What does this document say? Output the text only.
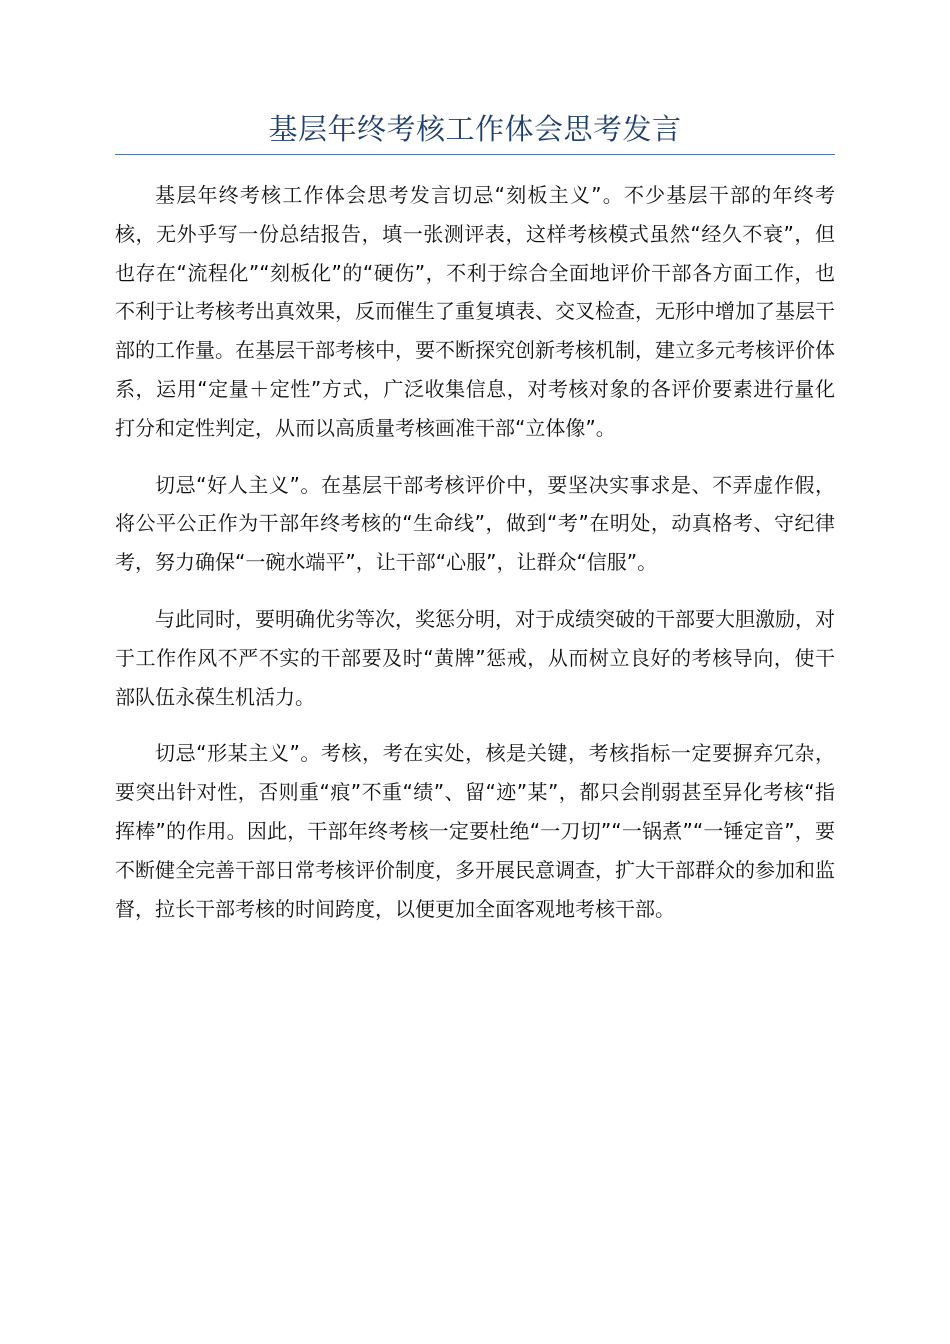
基层年终考核工作体会思考发言

基层年终考核工作体会思考发言切忌“刻板主义”。不少基层干部的年终考核，无外乎写一份总结报告，填一张测评表，这样考核模式虽然“经久不衰”，但也存在“流程化”“刻板化”的“硬伤”，不利于综合全面地评价干部各方面工作，也不利于让考核考出真效果，反而催生了重复填表、交叉检查，无形中增加了基层干部的工作量。在基层干部考核中，要不断探究创新考核机制，建立多元考核评价体系，运用“定量＋定性”方式，广泛收集信息，对考核对象的各评价要素进行量化打分和定性判定，从而以高质量考核画准干部“立体像”。

切忌“好人主义”。在基层干部考核评价中，要坚决实事求是、不弄虚作假，将公平公正作为干部年终考核的“生命线”，做到“考”在明处，动真格考、守纪律考，努力确保“一碗水端平”，让干部“心服”，让群众“信服”。

与此同时，要明确优劣等次，奖惩分明，对于成绩突破的干部要大胆激励，对于工作作风不严不实的干部要及时“黄牌”惩戒，从而树立良好的考核导向，使干部队伍永葆生机活力。

切忌“形某主义”。考核，考在实处，核是关键，考核指标一定要摒弃冗杂，要突出针对性，否则重“痕”不重“绩”、留“迹”某”，都只会削弱甚至异化考核“指挥棒”的作用。因此，干部年终考核一定要杜绝“一刀切”“一锅煮”“一锤定音”，要不断健全完善干部日常考核评价制度，多开展民意调查，扩大干部群众的参加和监督，拉长干部考核的时间跨度，以便更加全面客观地考核干部。
